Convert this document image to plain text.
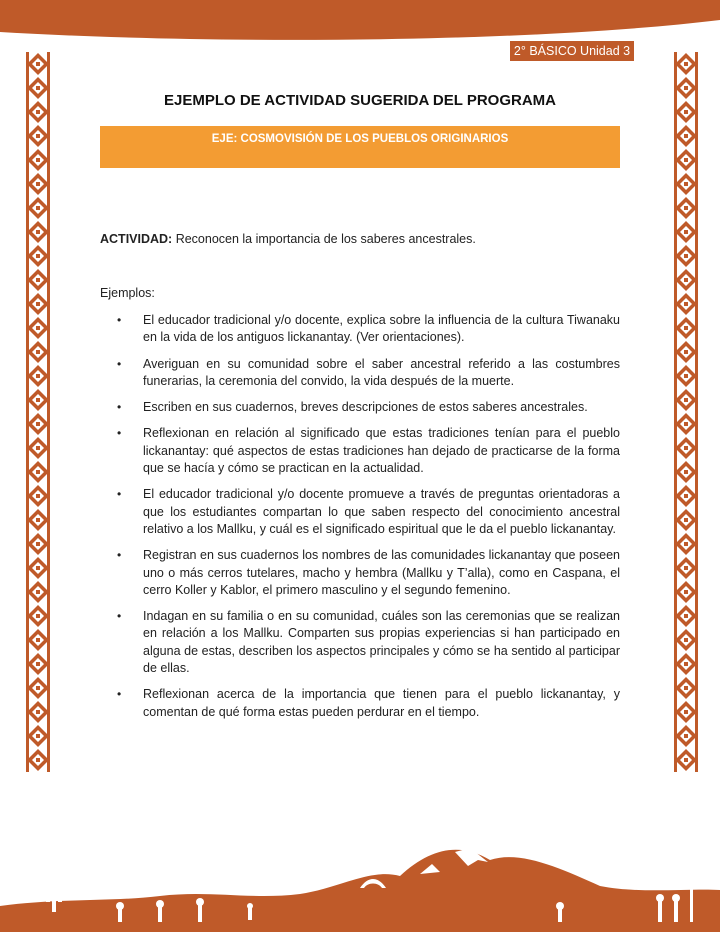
2° BÁSICO Unidad 3
EJEMPLO DE ACTIVIDAD SUGERIDA DEL PROGRAMA
EJE: COSMOVISIÓN DE LOS PUEBLOS ORIGINARIOS
ACTIVIDAD: Reconocen la importancia de los saberes ancestrales.
Ejemplos:
• El educador tradicional y/o docente, explica sobre la influencia de la cultura Tiwanaku en la vida de los antiguos lickanantay. (Ver orientaciones).
• Averiguan en su comunidad sobre el saber ancestral referido a las costumbres funerarias, la ceremonia del convido, la vida después de la muerte.
• Escriben en sus cuadernos, breves descripciones de estos saberes ancestrales.
• Reflexionan en relación al significado que estas tradiciones tenían para el pueblo lickanantay: qué aspectos de estas tradiciones han dejado de practicarse de la forma que se hacía y cómo se practican en la actualidad.
• El educador tradicional y/o docente promueve a través de preguntas orientadoras a que los estudiantes compartan lo que saben respecto del conocimiento ancestral relativo a los Mallku, y cuál es el significado espiritual que le da el pueblo lickanantay.
• Registran en sus cuadernos los nombres de las comunidades lickanantay que poseen uno o más cerros tutelares, macho y hembra (Mallku y T’alla), como en Caspana, el cerro Koller y Kablor, el primero masculino y el segundo femenino.
• Indagan en su familia o en su comunidad, cuáles son las ceremonias que se realizan en relación a los Mallku. Comparten sus propias experiencias si han participado en alguna de estas, describen los aspectos principales y cómo se ha sentido al participar de ellas.
• Reflexionan acerca de la importancia que tienen para el pueblo lickanantay, y comentan de qué forma estas pueden perdurar en el tiempo.
